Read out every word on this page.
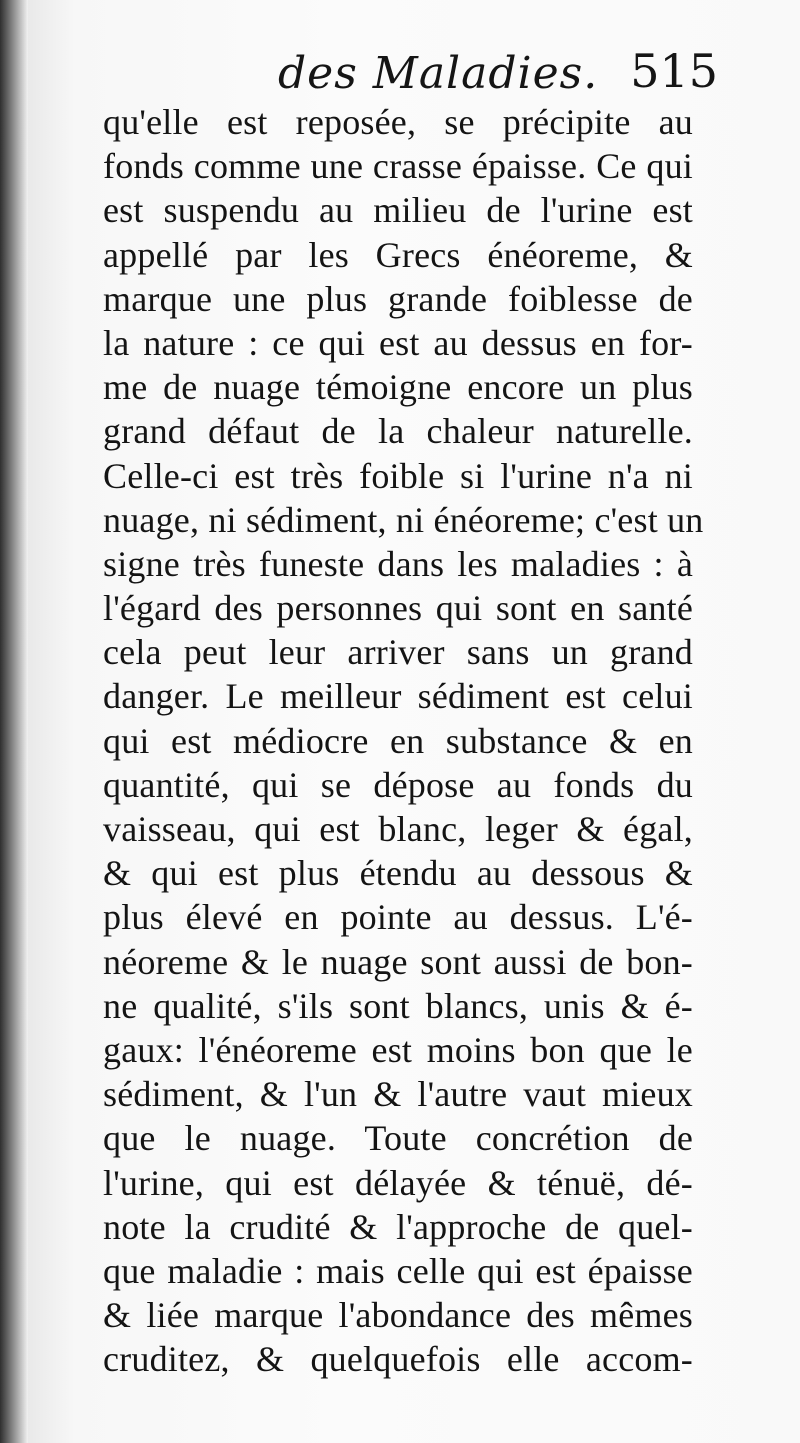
des Maladies. 515
qu'elle est reposée, se précipite au
fonds comme une crasse épaisse. Ce qui
est suspendu au milieu de l'urine est
appellé par les Grecs énéoreme, &
marque une plus grande foiblesse de
la nature : ce qui est au dessus en for-
me de nuage témoigne encore un plus
grand défaut de la chaleur naturelle.
Celle-ci est très foible si l'urine n'a ni
nuage, ni sédiment, ni énéoreme; c'est un
signe très funeste dans les maladies : à
l'égard des personnes qui sont en santé
cela peut leur arriver sans un grand
danger. Le meilleur sédiment est celui
qui est médiocre en substance & en
quantité, qui se dépose au fonds du
vaisseau, qui est blanc, leger & égal,
& qui est plus étendu au dessous &
plus élevé en pointe au dessus. L'é-
néoreme & le nuage sont aussi de bon-
ne qualité, s'ils sont blancs, unis & é-
gaux: l'énéoreme est moins bon que le
sédiment, & l'un & l'autre vaut mieux
que le nuage. Toute concrétion de
l'urine, qui est délayée & ténuë, dé-
note la crudité & l'approche de quel-
que maladie : mais celle qui est épaisse
& liée marque l'abondance des mêmes
cruditez, & quelquefois elle accom-
